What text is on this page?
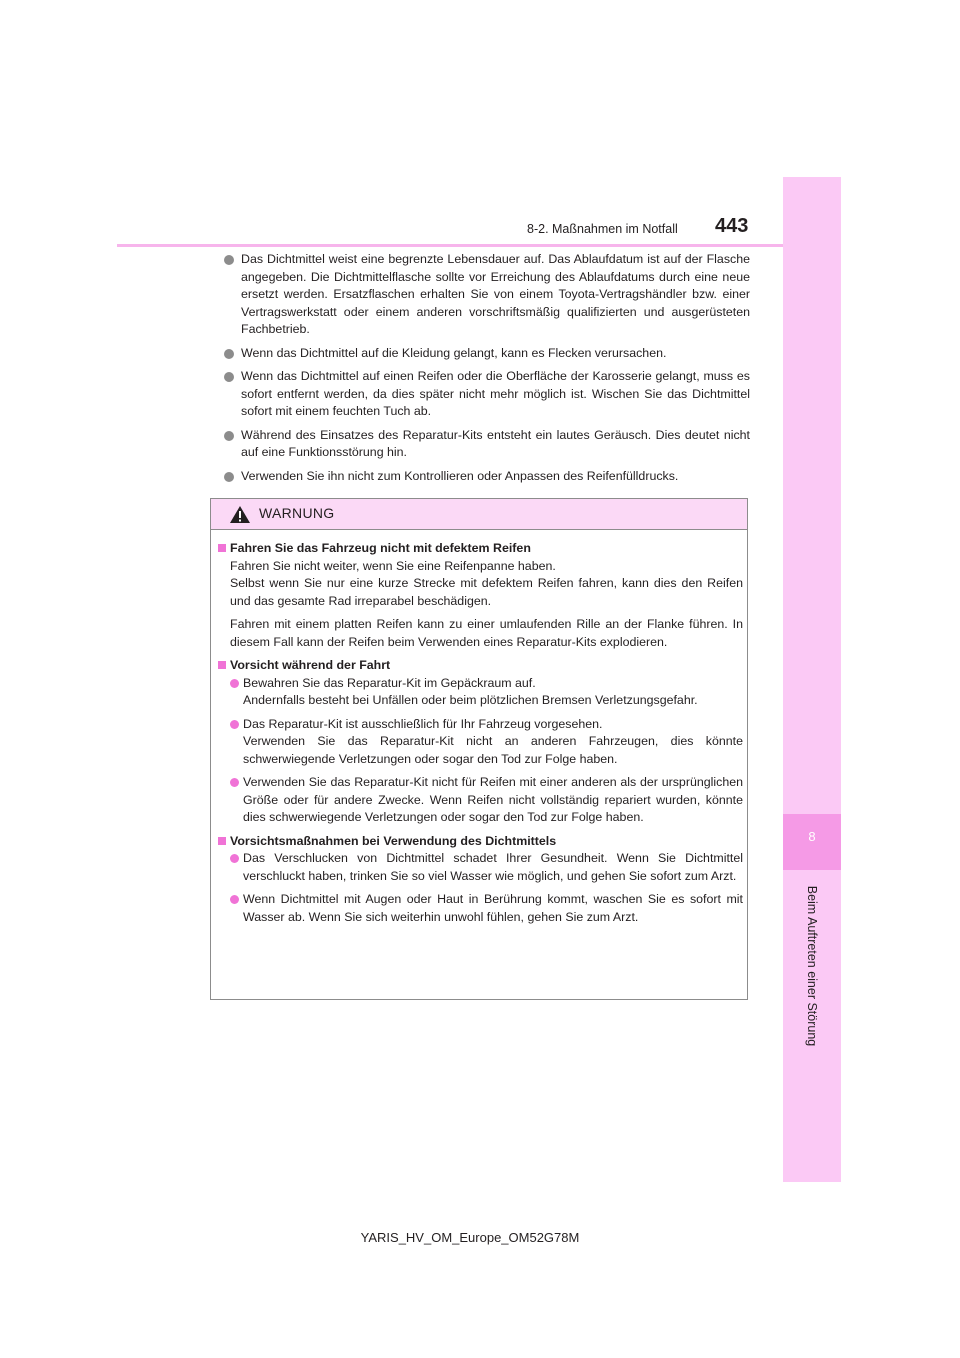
8
Beim Auftreten einer Störung
8-2. Maßnahmen im Notfall 443
Das Dichtmittel weist eine begrenzte Lebensdauer auf. Das Ablaufdatum ist auf der Flasche angegeben. Die Dichtmittelflasche sollte vor Erreichung des Ablaufdatums durch eine neue ersetzt werden. Ersatzflaschen erhalten Sie von einem Toyota-Vertragshändler bzw. einer Vertragswerkstatt oder einem anderen vorschriftsmäßig qualifizierten und ausgerüsteten Fachbetrieb.
Wenn das Dichtmittel auf die Kleidung gelangt, kann es Flecken verursachen.
Wenn das Dichtmittel auf einen Reifen oder die Oberfläche der Karosserie gelangt, muss es sofort entfernt werden, da dies später nicht mehr möglich ist. Wischen Sie das Dichtmittel sofort mit einem feuchten Tuch ab.
Während des Einsatzes des Reparatur-Kits entsteht ein lautes Geräusch. Dies deutet nicht auf eine Funktionsstörung hin.
Verwenden Sie ihn nicht zum Kontrollieren oder Anpassen des Reifenfülldrucks.
WARNUNG
Fahren Sie das Fahrzeug nicht mit defektem Reifen
Fahren Sie nicht weiter, wenn Sie eine Reifenpanne haben.
Selbst wenn Sie nur eine kurze Strecke mit defektem Reifen fahren, kann dies den Reifen und das gesamte Rad irreparabel beschädigen.
Fahren mit einem platten Reifen kann zu einer umlaufenden Rille an der Flanke führen. In diesem Fall kann der Reifen beim Verwenden eines Reparatur-Kits explodieren.
Vorsicht während der Fahrt
Bewahren Sie das Reparatur-Kit im Gepäckraum auf.
Andernfalls besteht bei Unfällen oder beim plötzlichen Bremsen Verletzungsgefahr.
Das Reparatur-Kit ist ausschließlich für Ihr Fahrzeug vorgesehen.
Verwenden Sie das Reparatur-Kit nicht an anderen Fahrzeugen, dies könnte schwerwiegende Verletzungen oder sogar den Tod zur Folge haben.
Verwenden Sie das Reparatur-Kit nicht für Reifen mit einer anderen als der ursprünglichen Größe oder für andere Zwecke. Wenn Reifen nicht vollständig repariert wurden, könnte dies schwerwiegende Verletzungen oder sogar den Tod zur Folge haben.
Vorsichtsmaßnahmen bei Verwendung des Dichtmittels
Das Verschlucken von Dichtmittel schadet Ihrer Gesundheit. Wenn Sie Dichtmittel verschluckt haben, trinken Sie so viel Wasser wie möglich, und gehen Sie sofort zum Arzt.
Wenn Dichtmittel mit Augen oder Haut in Berührung kommt, waschen Sie es sofort mit Wasser ab. Wenn Sie sich weiterhin unwohl fühlen, gehen Sie zum Arzt.
YARIS_HV_OM_Europe_OM52G78M
